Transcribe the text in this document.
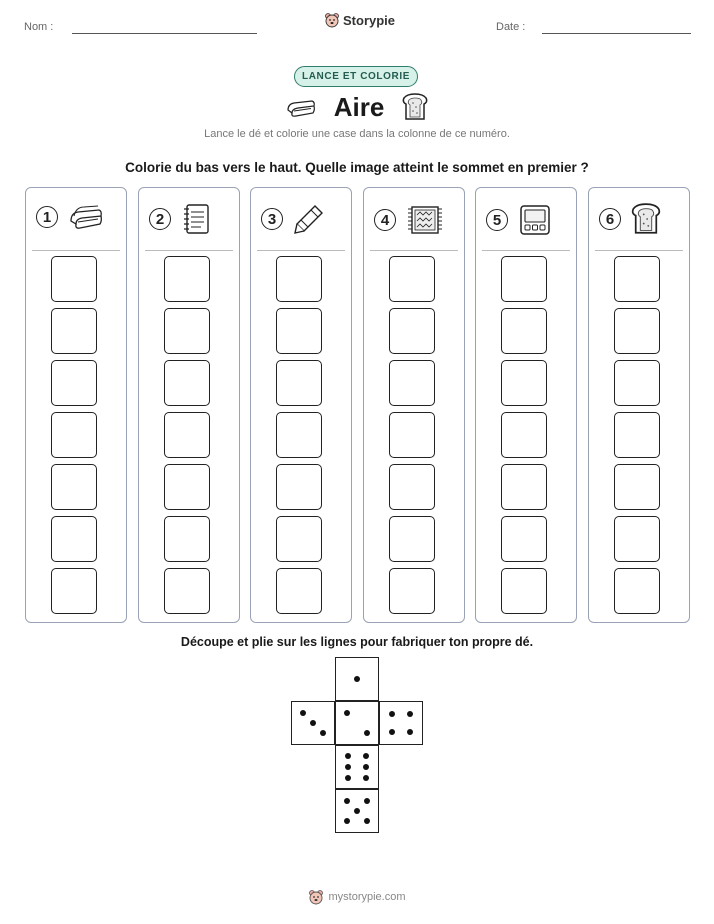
Nom :	Storypie	Date :
LANCE ET COLORIE
Aire
Lance le dé et colorie une case dans la colonne de ce numéro.
Colorie du bas vers le haut. Quelle image atteint le sommet en premier ?
1	2	3	4	5	6
Découpe et plie sur les lignes pour fabriquer ton propre dé.
mystorypie.com
